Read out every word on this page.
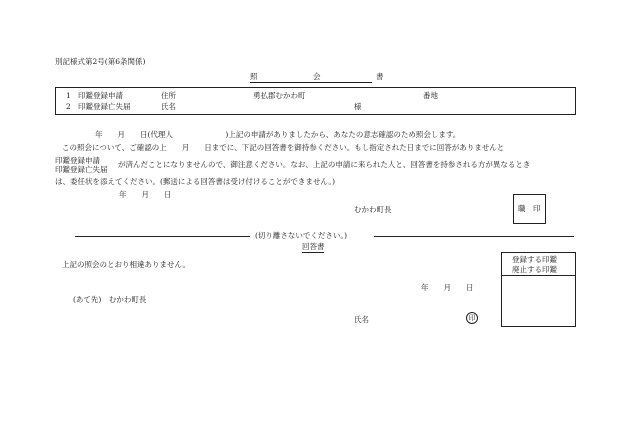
別記様式第2号(第6条関係)
照　　　　　会　　　　　書
1 印鑑登録申請	住所	勇払郡むかわ町	番地
2 印鑑登録亡失届	氏名	様
年　　月　　日(代理人　　　　　　　)上記の申請がありましたから、あなたの意志確認のため照会します。
この照会について、ご確認の上　　月　　日までに、下記の回答書を御持参ください。もし指定された日までに回答がありませんと
印鑑登録申請
印鑑登録亡失届
が済んだことになりませんので、御注意ください。なお、上記の申請に来られた人と、回答書を持参される方が異なるとき
は、委任状を添えてください。(郵送による回答書は受け付けることができません。)
年　　月　　日
むかわ町長	職　印
(切り離さないでください。)
回答書
上記の照会のとおり相違ありません。
年　　月　　日
(あて先)　むかわ町長
氏名	印
登録する印鑑
廃止する印鑑
